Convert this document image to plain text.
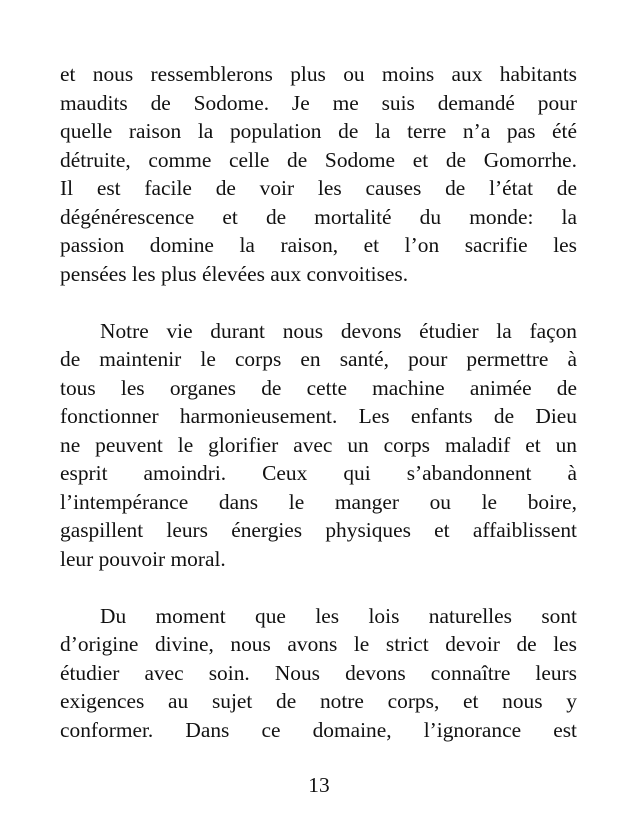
et nous ressemblerons plus ou moins aux habitants
maudits de Sodome. Je me suis demandé pour
quelle raison la population de la terre n’a pas été
détruite, comme celle de Sodome et de Gomorrhe.
Il est facile de voir les causes de l’état de
dégénérescence et de mortalité du monde: la
passion domine la raison, et l’on sacrifie les
pensées les plus élevées aux convoitises.

Notre vie durant nous devons étudier la façon
de maintenir le corps en santé, pour permettre à
tous les organes de cette machine animée de
fonctionner harmonieusement. Les enfants de Dieu
ne peuvent le glorifier avec un corps maladif et un
esprit amoindri. Ceux qui s’abandonnent à
l’intempérance dans le manger ou le boire,
gaspillent leurs énergies physiques et affaiblissent
leur pouvoir moral.

Du moment que les lois naturelles sont
d’origine divine, nous avons le strict devoir de les
étudier avec soin. Nous devons connaître leurs
exigences au sujet de notre corps, et nous y
conformer. Dans ce domaine, l’ignorance est

13
